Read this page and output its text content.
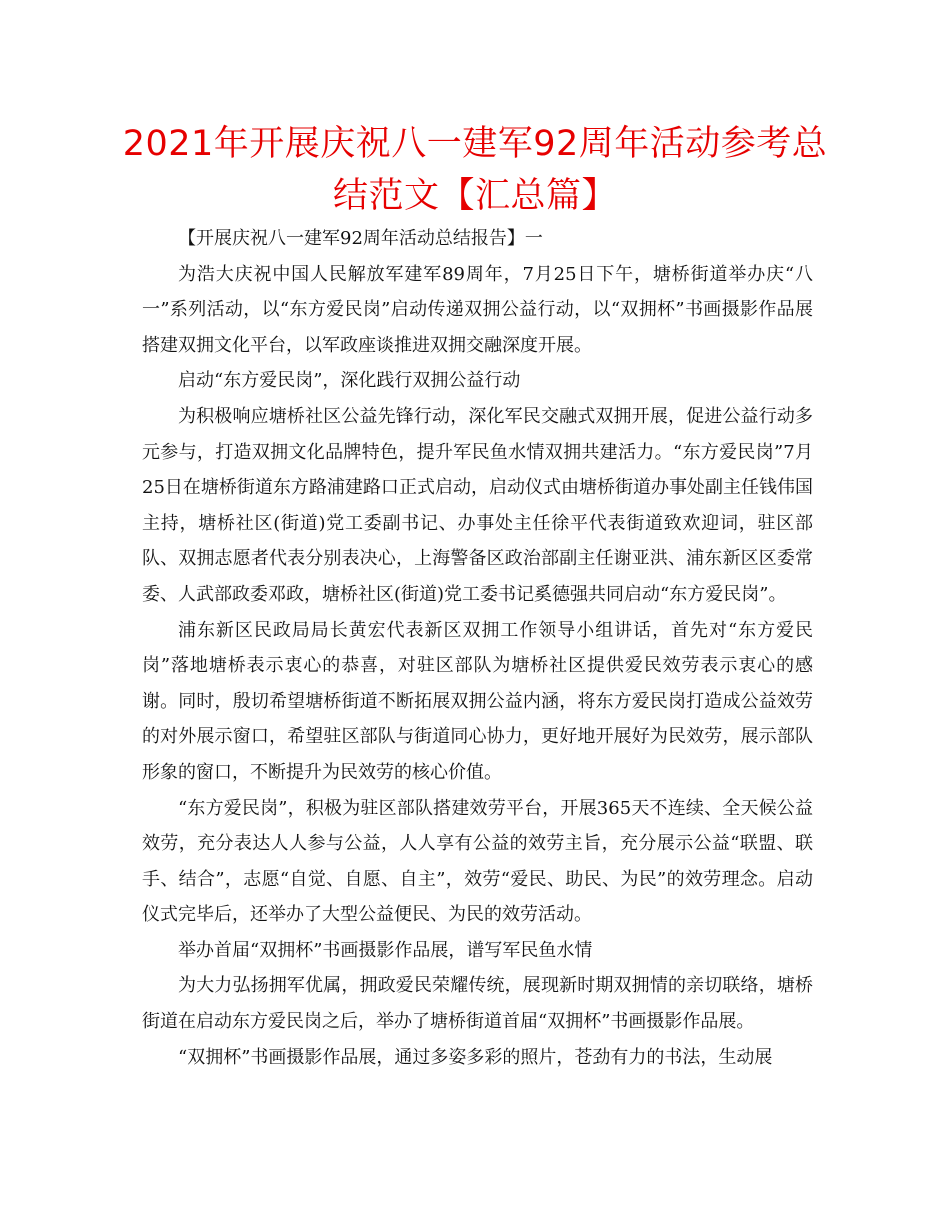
2021年开展庆祝八一建军92周年活动参考总结范文【汇总篇】

【开展庆祝八一建军92周年活动总结报告】一

为浩大庆祝中国人民解放军建军89周年，7月25日下午，塘桥街道举办庆“八一”系列活动，以“东方爱民岗”启动传递双拥公益行动，以“双拥杯”书画摄影作品展搭建双拥文化平台，以军政座谈推进双拥交融深度开展。

启动“东方爱民岗”，深化践行双拥公益行动

为积极响应塘桥社区公益先锋行动，深化军民交融式双拥开展，促进公益行动多元参与，打造双拥文化品牌特色，提升军民鱼水情双拥共建活力。“东方爱民岗”7月25日在塘桥街道东方路浦建路口正式启动，启动仪式由塘桥街道办事处副主任钱伟国主持，塘桥社区(街道)党工委副书记、办事处主任徐平代表街道致欢迎词，驻区部队、双拥志愿者代表分别表决心，上海警备区政治部副主任谢亚洪、浦东新区区委常委、人武部政委邓政，塘桥社区(街道)党工委书记奚德强共同启动“东方爱民岗”。

浦东新区民政局局长黄宏代表新区双拥工作领导小组讲话，首先对“东方爱民岗”落地塘桥表示衷心的恭喜，对驻区部队为塘桥社区提供爱民效劳表示衷心的感谢。同时，殷切希望塘桥街道不断拓展双拥公益内涵，将东方爱民岗打造成公益效劳的对外展示窗口，希望驻区部队与街道同心协力，更好地开展好为民效劳，展示部队形象的窗口，不断提升为民效劳的核心价值。

“东方爱民岗”，积极为驻区部队搭建效劳平台，开展365天不连续、全天候公益效劳，充分表达人人参与公益，人人享有公益的效劳主旨，充分展示公益“联盟、联手、结合”，志愿“自觉、自愿、自主”，效劳“爱民、助民、为民”的效劳理念。启动仪式完毕后，还举办了大型公益便民、为民的效劳活动。

举办首届“双拥杯”书画摄影作品展，谱写军民鱼水情

为大力弘扬拥军优属，拥政爱民荣耀传统，展现新时期双拥情的亲切联络，塘桥街道在启动东方爱民岗之后，举办了塘桥街道首届“双拥杯”书画摄影作品展。

“双拥杯”书画摄影作品展，通过多姿多彩的照片，苍劲有力的书法，生动展
